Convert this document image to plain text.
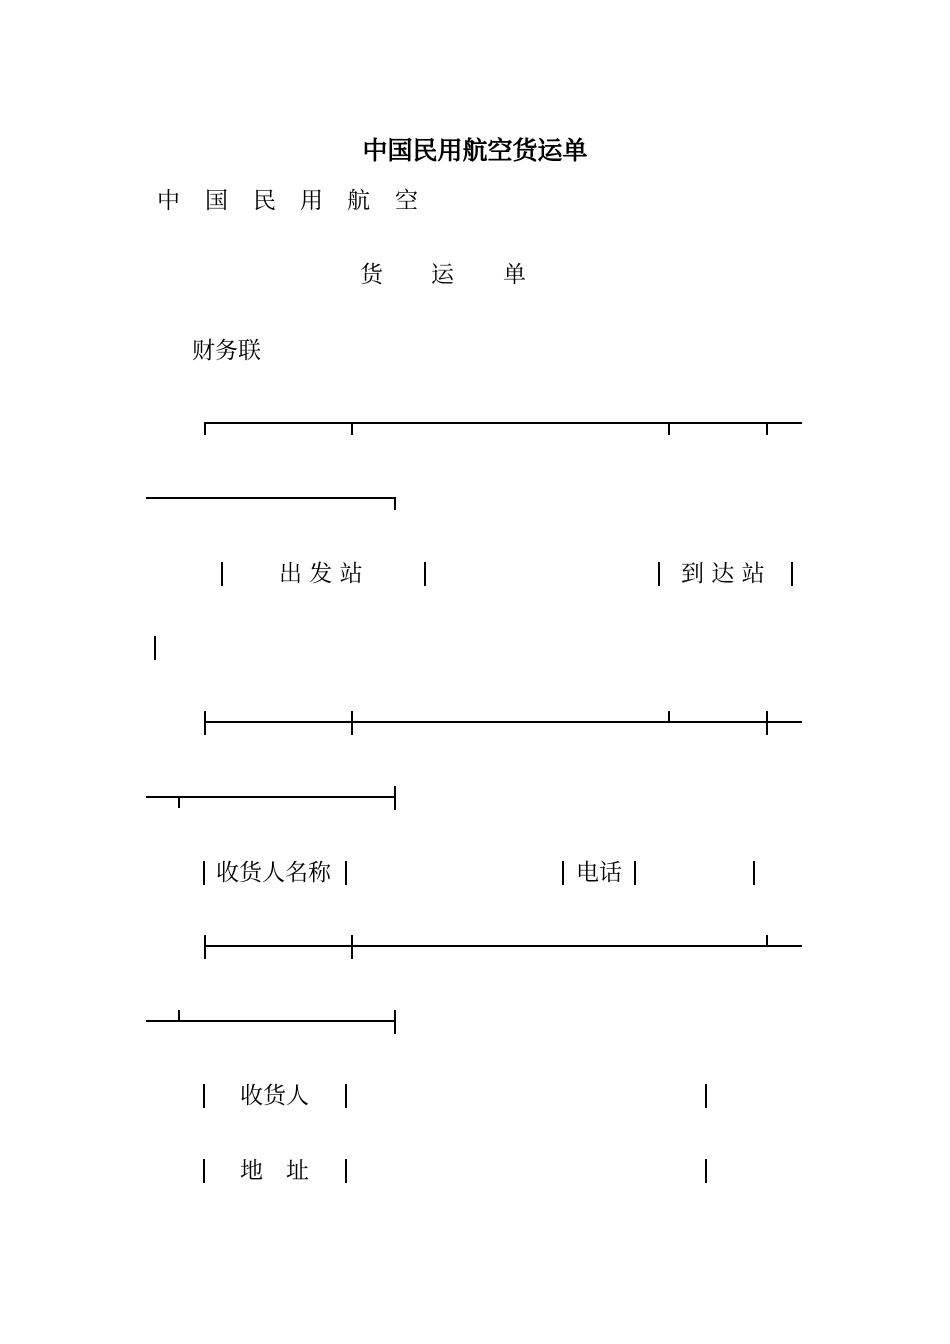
中国民用航空货运单
中 国 民 用 航 空
货 运 单
财务联
出 发 站	到 达 站
收货人名称	电话
收货人
地　址
